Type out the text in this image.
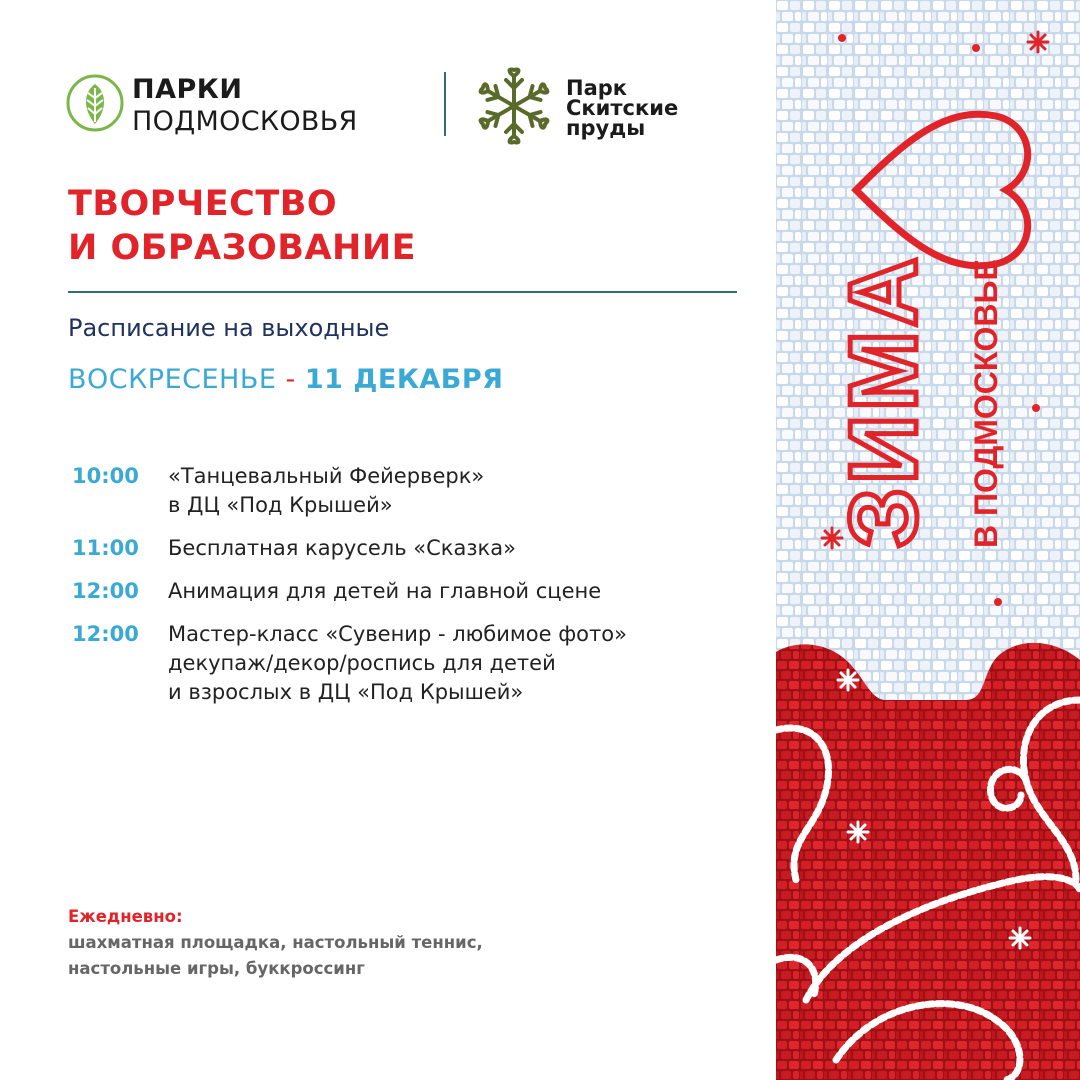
ПАРКИ
ПОДМОСКОВЬЯ
Парк
Скитские
пруды
ТВОРЧЕСТВО
И ОБРАЗОВАНИЕ
Расписание на выходные
ВОСКРЕСЕНЬЕ - 11 ДЕКАБРЯ
10:00	«Танцевальный Фейерверк»
в ДЦ «Под Крышей»
11:00	Бесплатная карусель «Сказка»
12:00	Анимация для детей на главной сцене
12:00	Мастер-класс «Сувенир - любимое фото»
декупаж/декор/роспись для детей
и взрослых в ДЦ «Под Крышей»
Ежедневно:
шахматная площадка, настольный теннис,
настольные игры, буккроссинг
ЗИМА В ПОДМОСКОВЬЕ
